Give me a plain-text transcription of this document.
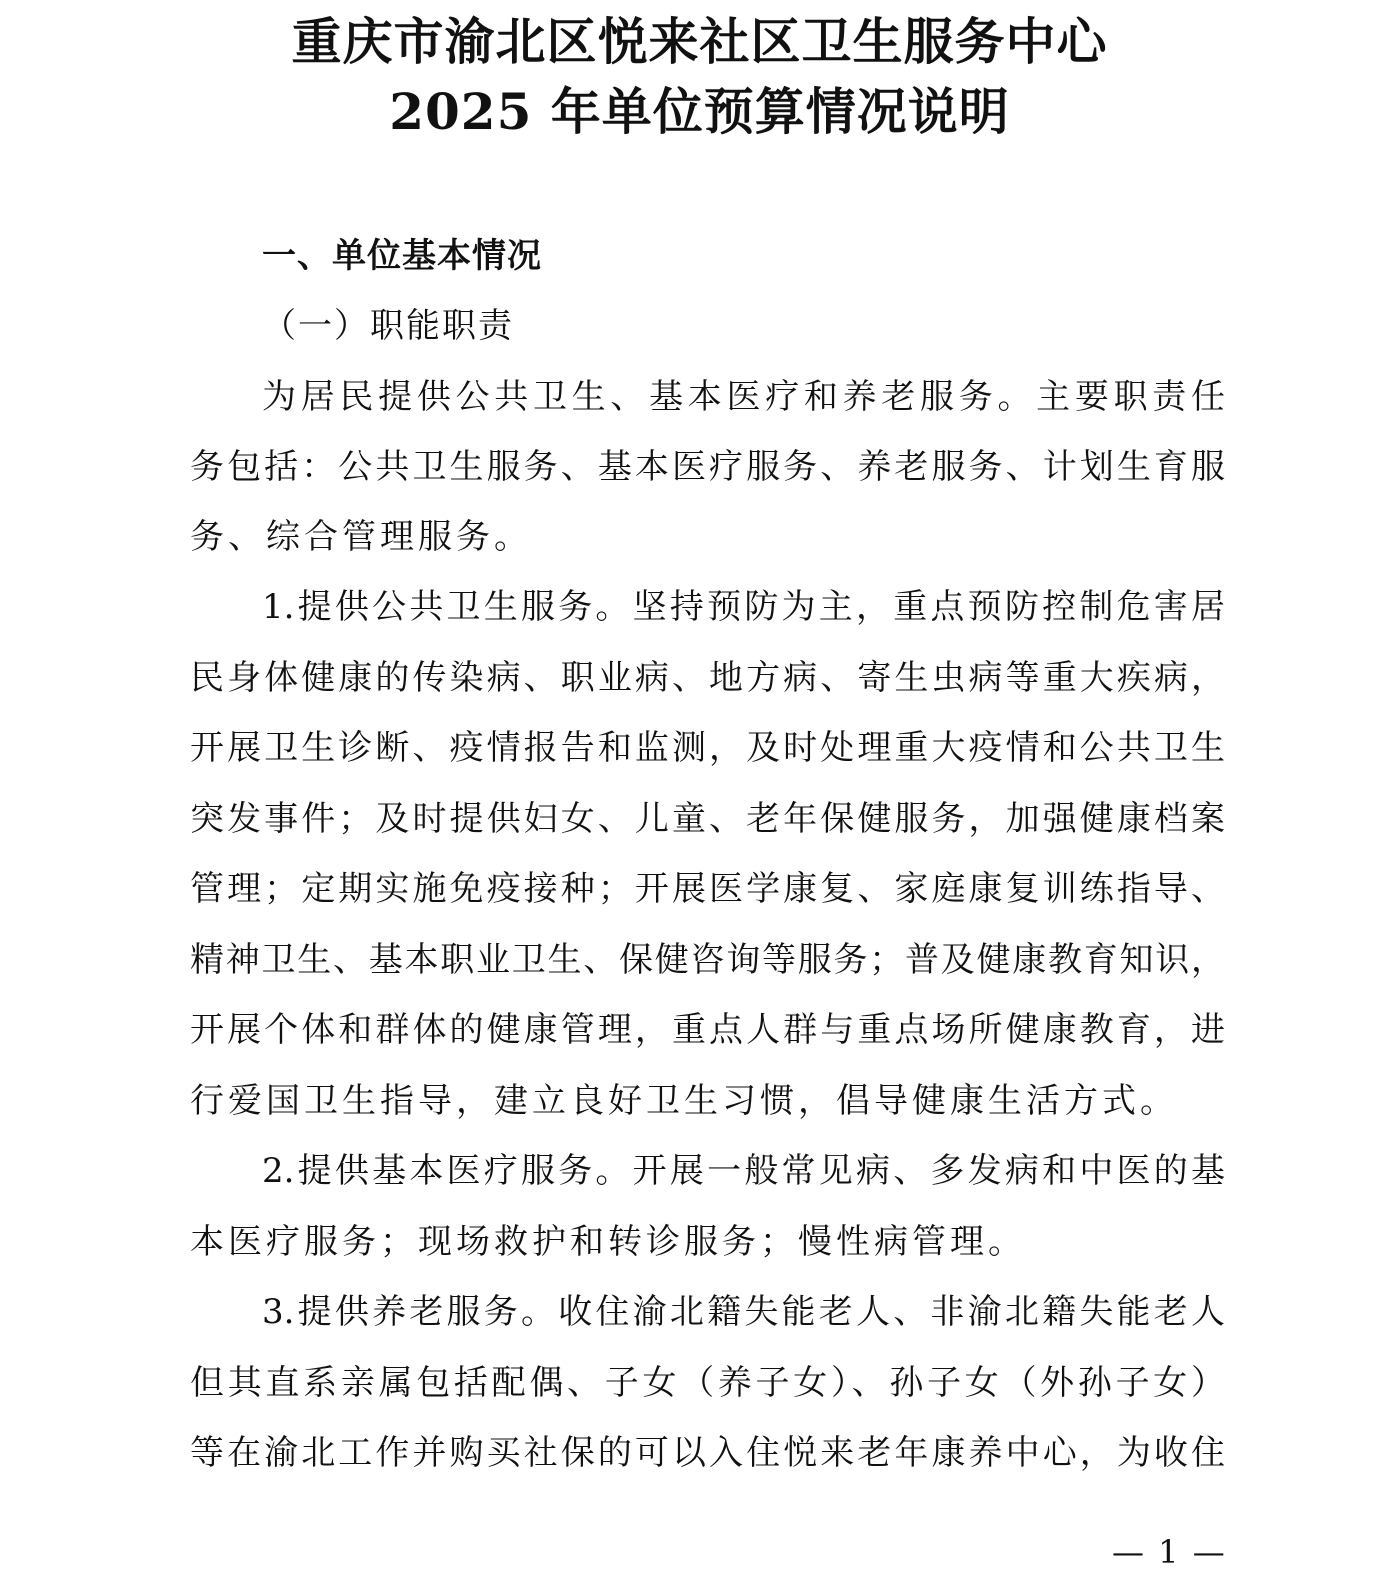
重庆市渝北区悦来社区卫生服务中心
2025 年单位预算情况说明
一、单位基本情况
（一）职能职责
为居民提供公共卫生、基本医疗和养老服务。主要职责任
务包括：公共卫生服务、基本医疗服务、养老服务、计划生育服
务、综合管理服务。
1.提供公共卫生服务。坚持预防为主，重点预防控制危害居
民身体健康的传染病、职业病、地方病、寄生虫病等重大疾病，
开展卫生诊断、疫情报告和监测，及时处理重大疫情和公共卫生
突发事件；及时提供妇女、儿童、老年保健服务，加强健康档案
管理；定期实施免疫接种；开展医学康复、家庭康复训练指导、
精神卫生、基本职业卫生、保健咨询等服务；普及健康教育知识，
开展个体和群体的健康管理，重点人群与重点场所健康教育，进
行爱国卫生指导，建立良好卫生习惯，倡导健康生活方式。
2.提供基本医疗服务。开展一般常见病、多发病和中医的基
本医疗服务；现场救护和转诊服务；慢性病管理。
3.提供养老服务。收住渝北籍失能老人、非渝北籍失能老人
但其直系亲属包括配偶、子女（养子女）、孙子女（外孙子女）
等在渝北工作并购买社保的可以入住悦来老年康养中心，为收住
— 1 —
